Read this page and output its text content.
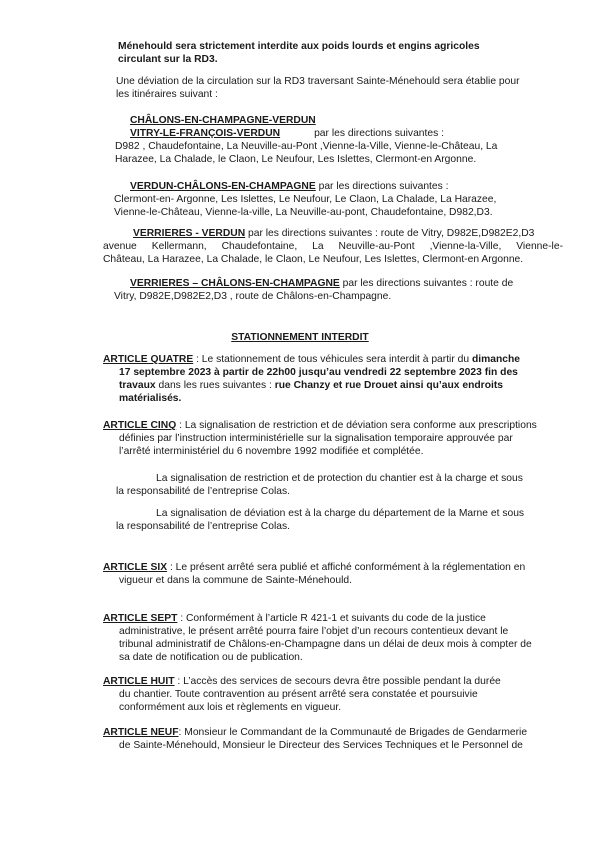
Ménehould sera strictement interdite aux poids lourds et engins agricoles
circulant sur la RD3.
Une déviation de la circulation sur la RD3 traversant Sainte-Ménehould sera établie pour
les itinéraires suivant :
CHÂLONS-EN-CHAMPAGNE-VERDUN
VITRY-LE-FRANÇOIS-VERDUN	par les directions suivantes :
D982 , Chaudefontaine, La Neuville-au-Pont ,Vienne-la-Ville, Vienne-le-Château, La
Harazee, La Chalade, le Claon, Le Neufour, Les Islettes, Clermont-en Argonne.
VERDUN-CHÂLONS-EN-CHAMPAGNE par les directions suivantes :
Clermont-en- Argonne, Les Islettes, Le Neufour, Le Claon, La Chalade, La Harazee,
Vienne-le-Château, Vienne-la-ville, La Neuville-au-pont, Chaudefontaine, D982,D3.
VERRIERES - VERDUN par les directions suivantes : route de Vitry, D982E,D982E2,D3
avenue Kellermann, Chaudefontaine, La Neuville-au-Pont ,Vienne-la-Ville, Vienne-le-
Château, La Harazee, La Chalade, le Claon, Le Neufour, Les Islettes, Clermont-en Argonne.
VERRIERES – CHÂLONS-EN-CHAMPAGNE par les directions suivantes : route de
Vitry, D982E,D982E2,D3 , route de Châlons-en-Champagne.
STATIONNEMENT INTERDIT
ARTICLE QUATRE : Le stationnement de tous véhicules sera interdit à partir du dimanche
17 septembre 2023 à partir de 22h00 jusqu’au vendredi 22 septembre 2023 fin des
travaux dans les rues suivantes : rue Chanzy et rue Drouet ainsi qu’aux endroits
matérialisés.
ARTICLE CINQ : La signalisation de restriction et de déviation sera conforme aux prescriptions
définies par l’instruction interministérielle sur la signalisation temporaire approuvée par
l’arrêté interministériel du 6 novembre 1992 modifiée et complétée.
La signalisation de restriction et de protection du chantier est à la charge et sous
la responsabilité de l’entreprise Colas.
La signalisation de déviation est à la charge du département de la Marne et sous
la responsabilité de l’entreprise Colas.
ARTICLE SIX : Le présent arrêté sera publié et affiché conformément à la réglementation en
vigueur et dans la commune de Sainte-Ménehould.
ARTICLE SEPT : Conformément à l’article R 421-1 et suivants du code de la justice
administrative, le présent arrêté pourra faire l’objet d’un recours contentieux devant le
tribunal administratif de Châlons-en-Champagne dans un délai de deux mois à compter de
sa date de notification ou de publication.
ARTICLE HUIT : L’accès des services de secours devra être possible pendant la durée
du chantier. Toute contravention au présent arrêté sera constatée et poursuivie
conformément aux lois et règlements en vigueur.
ARTICLE NEUF: Monsieur le Commandant de la Communauté de Brigades de Gendarmerie
de Sainte-Ménehould, Monsieur le Directeur des Services Techniques et le Personnel de
